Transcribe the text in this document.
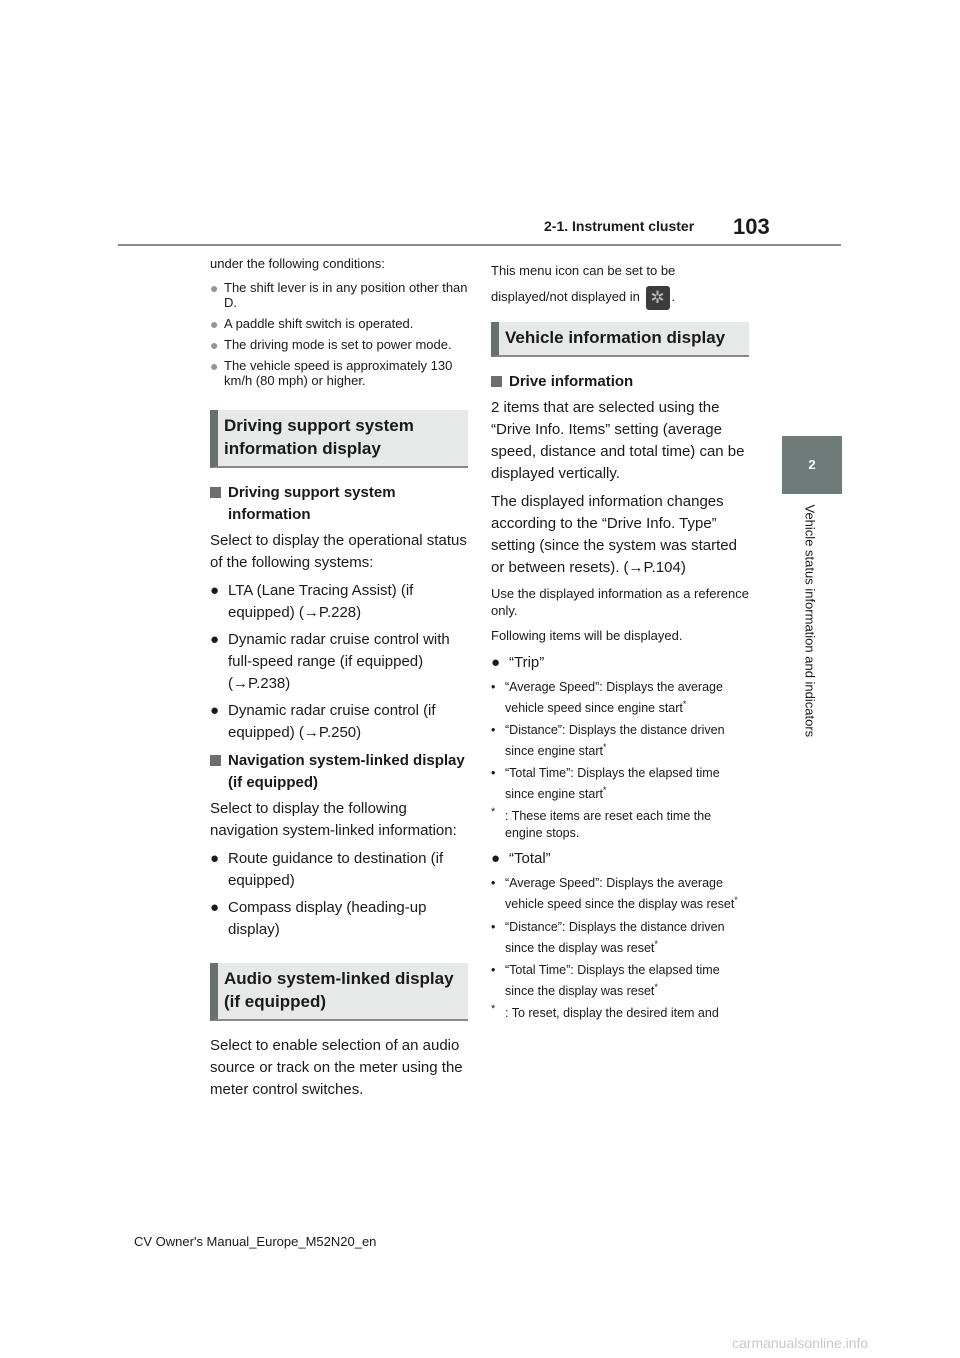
2-1. Instrument cluster 103
2
Vehicle status information and indicators

under the following conditions:

● The shift lever is in any position other than D.
● A paddle shift switch is operated.
● The driving mode is set to power mode.
● The vehicle speed is approximately 130 km/h (80 mph) or higher.
Driving support system information display
Driving support system information

Select to display the operational status of the following systems:

● LTA (Lane Tracing Assist) (if equipped) (→P.228)
● Dynamic radar cruise control with full-speed range (if equipped) (→P.238)
● Dynamic radar cruise control (if equipped) (→P.250)
Navigation system-linked display (if equipped)

Select to display the following navigation system-linked information:

● Route guidance to destination (if equipped)
● Compass display (heading-up display)
Audio system-linked display (if equipped)

Select to enable selection of an audio source or track on the meter using the meter control switches.

This menu icon can be set to be displayed/not displayed in ✲ .

Vehicle information display
Drive information

2 items that are selected using the “Drive Info. Items” setting (average speed, distance and total time) can be displayed vertically.

The displayed information changes according to the “Drive Info. Type” setting (since the system was started or between resets). (→P.104)

Use the displayed information as a reference only.

Following items will be displayed.

● “Trip”
• “Average Speed”: Displays the average vehicle speed since engine start*
• “Distance”: Displays the distance driven since engine start*
• “Total Time”: Displays the elapsed time since engine start*
* : These items are reset each time the engine stops.
● “Total”
• “Average Speed”: Displays the average vehicle speed since the display was reset*
• “Distance”: Displays the distance driven since the display was reset*
• “Total Time”: Displays the elapsed time since the display was reset*
* : To reset, display the desired item and
CV Owner's Manual_Europe_M52N20_en
carmanualsonline.info
